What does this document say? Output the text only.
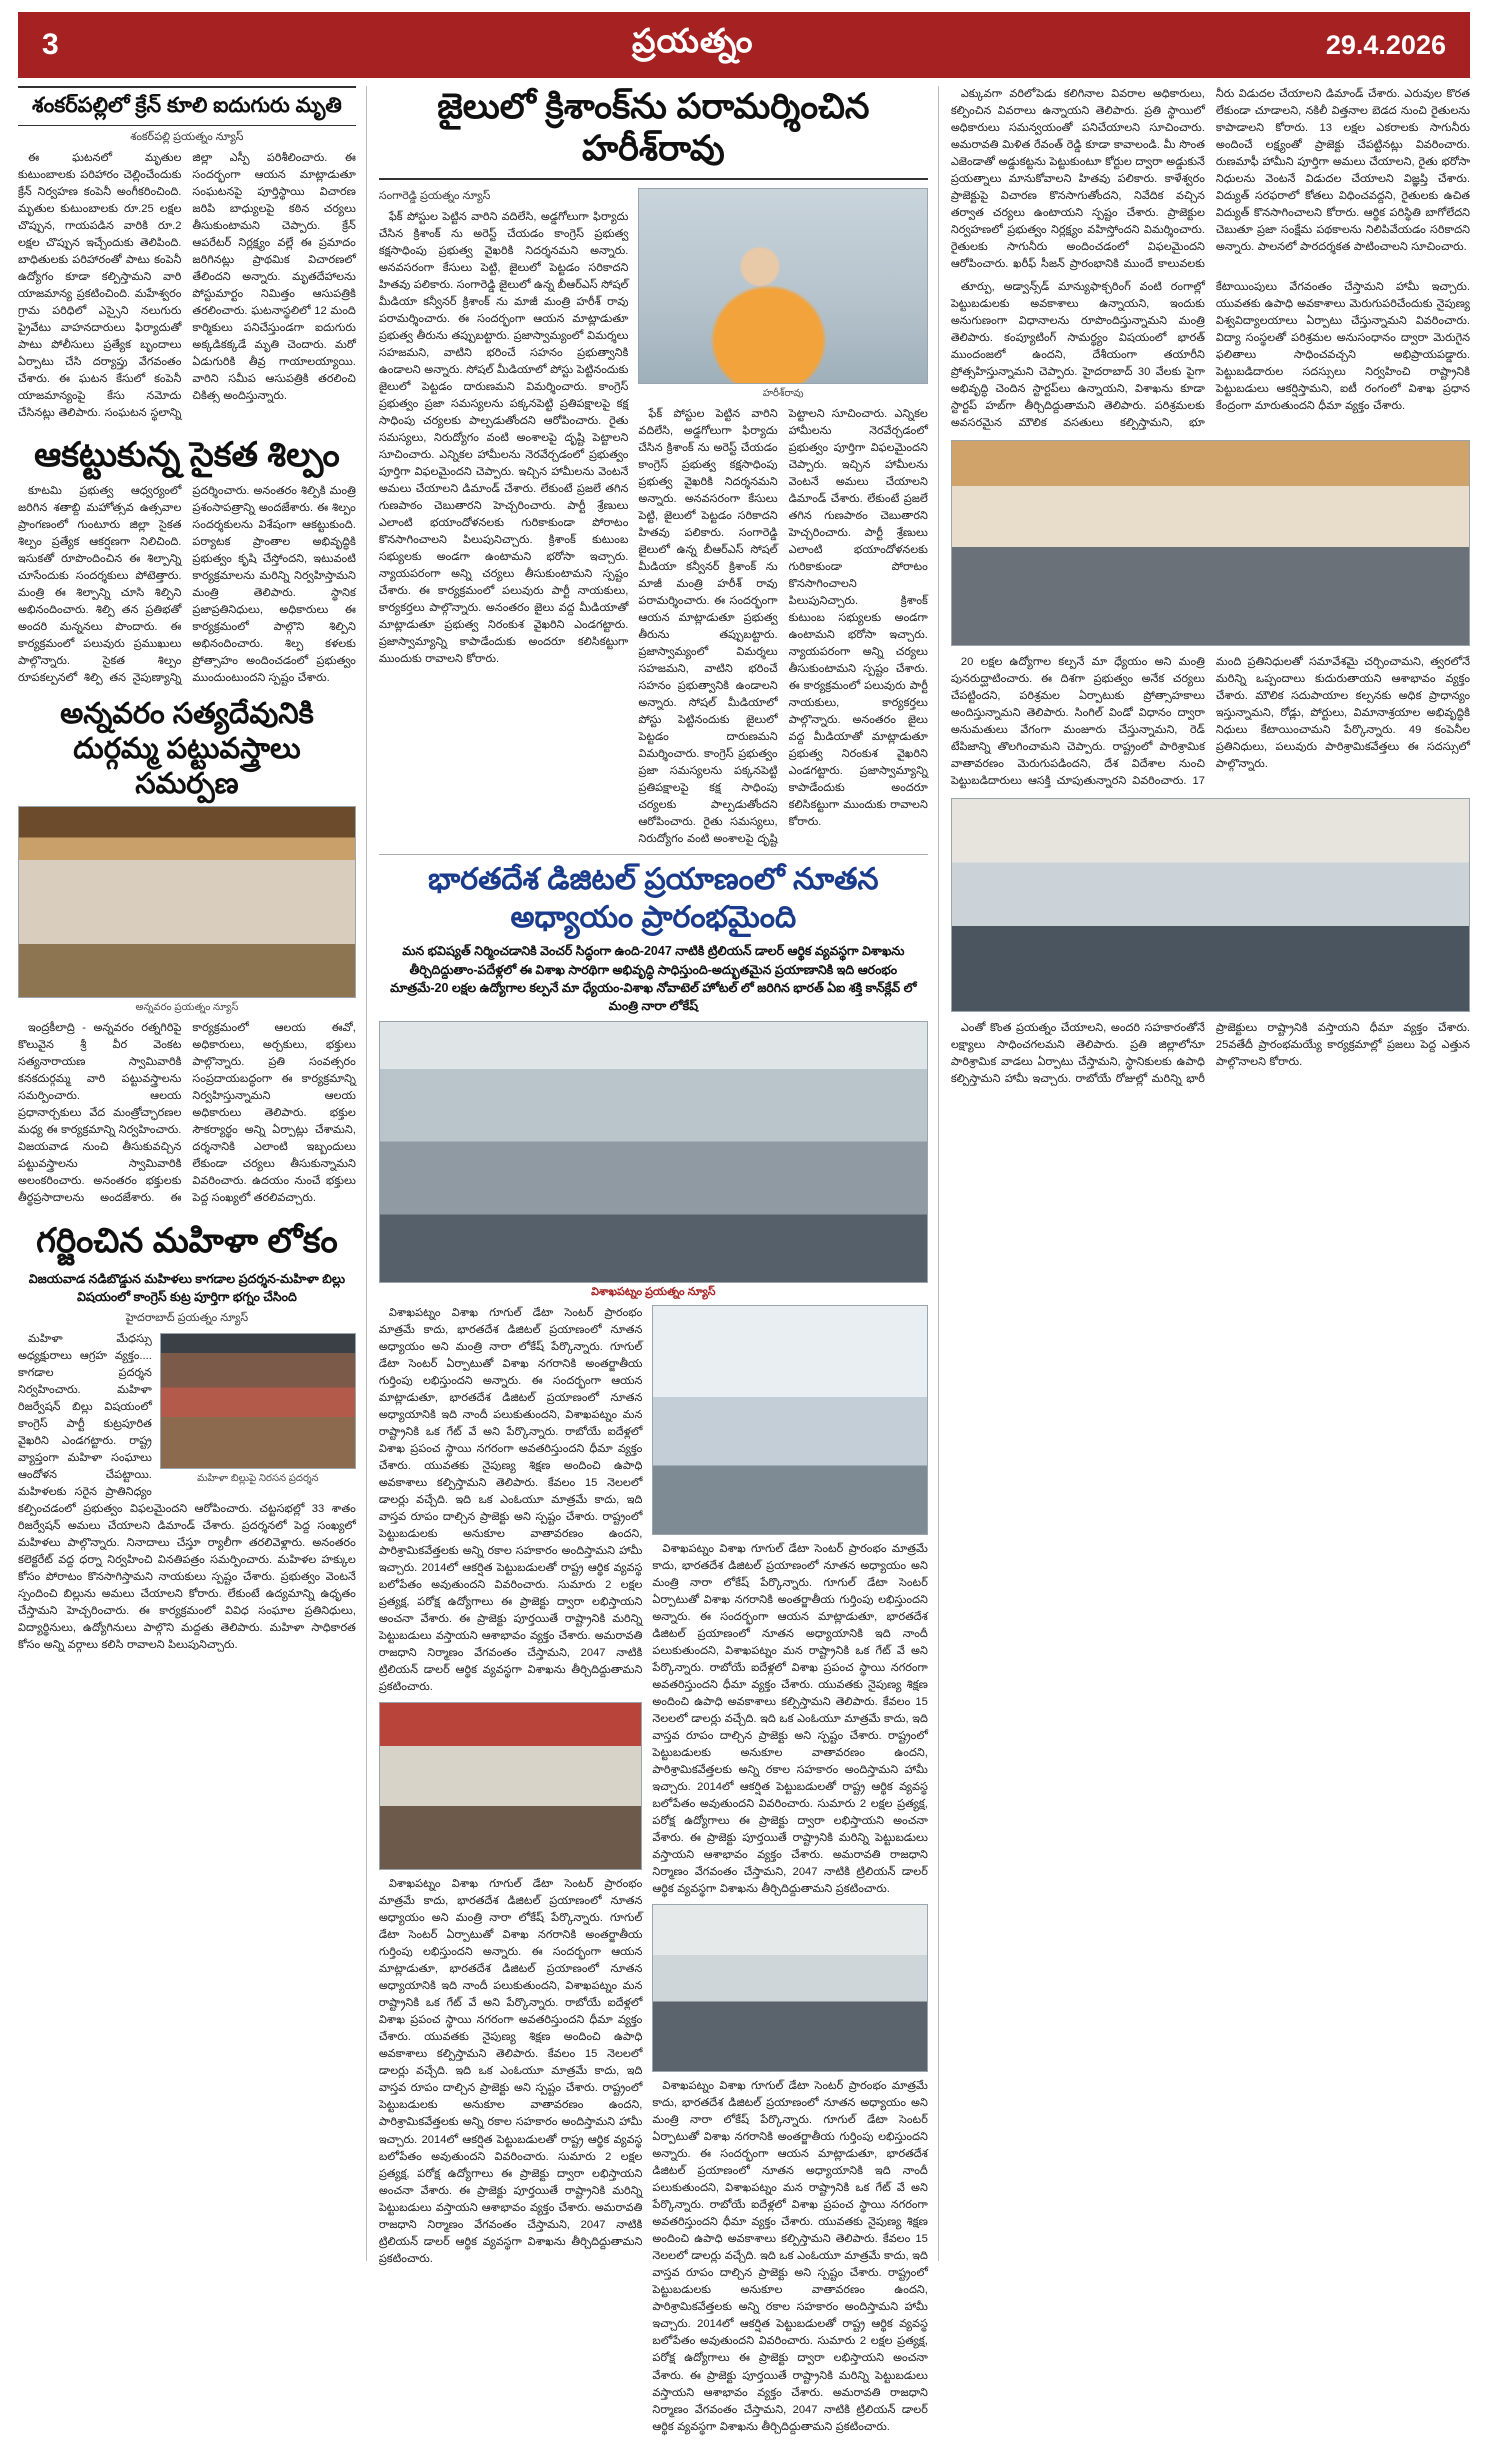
3	ప్రయత్నం	29.4.2026
శంకర్‌పల్లిలో క్రేన్ కూలి ఐదుగురు మృతి
శంకర్‌పల్లి ప్రయత్నం న్యూస్

ఈ ఘటనలో మృతుల కుటుంబాలకు పరిహారం చెల్లించేందుకు క్రేన్ నిర్వహణ కంపెనీ అంగీకరించింది. మృతుల కుటుంబాలకు రూ.25 లక్షల చొప్పున, గాయపడిన వారికి రూ.2 లక్షల చొప్పున ఇచ్చేందుకు తెలిపింది. బాధితులకు పరిహారంతో పాటు కంపెనీ ఉద్యోగం కూడా కల్పిస్తామని వారి యాజమాన్య ప్రకటించింది. మహేశ్వరం గ్రామ పరిధిలో ఎస్సైని నలుగురు ప్రైవేటు వాహనదారులు ఫిర్యాదుతో పాటు పోలీసులు ప్రత్యేక బృందాలు ఏర్పాటు చేసి దర్యాప్తు వేగవంతం చేశారు. ఈ ఘటన కేసులో కంపెనీ యాజమాన్యంపై కేసు నమోదు చేసినట్లు తెలిపారు. సంఘటన స్థలాన్ని జిల్లా ఎస్పీ పరిశీలించారు. ఈ సందర్భంగా ఆయన మాట్లాడుతూ సంఘటనపై పూర్తిస్థాయి విచారణ జరిపి బాధ్యులపై కఠిన చర్యలు తీసుకుంటామని చెప్పారు. క్రేన్ ఆపరేటర్ నిర్లక్ష్యం వల్లే ఈ ప్రమాదం జరిగినట్లు ప్రాథమిక విచారణలో తేలిందని అన్నారు. మృతదేహాలను పోస్టుమార్టం నిమిత్తం ఆసుపత్రికి తరలించారు. ఘటనాస్థలిలో 12 మంది కార్మికులు పనిచేస్తుండగా ఐదుగురు అక్కడికక్కడే మృతి చెందారు. మరో ఏడుగురికి తీవ్ర గాయాలయ్యాయి. వారిని సమీప ఆసుపత్రికి తరలించి చికిత్స అందిస్తున్నారు.

ఆకట్టుకున్న సైకత శిల్పం

కూటమి ప్రభుత్వ ఆధ్వర్యంలో జరిగిన శతాబ్ది మహోత్సవ ఉత్సవాల ప్రాంగణంలో గుంటూరు జిల్లా సైకత శిల్పం ప్రత్యేక ఆకర్షణగా నిలిచింది. ఇసుకతో రూపొందించిన ఈ శిల్పాన్ని చూసేందుకు సందర్శకులు పోటెత్తారు. మంత్రి ఈ శిల్పాన్ని చూసి శిల్పిని అభినందించారు. శిల్పి తన ప్రతిభతో అందరి మన్ననలు పొందారు. ఈ కార్యక్రమంలో పలువురు ప్రముఖులు పాల్గొన్నారు. సైకత శిల్పం రూపకల్పనలో శిల్పి తన నైపుణ్యాన్ని ప్రదర్శించారు. అనంతరం శిల్పికి మంత్రి ప్రశంసాపత్రాన్ని అందజేశారు. ఈ శిల్పం సందర్శకులను విశేషంగా ఆకట్టుకుంది. పర్యాటక ప్రాంతాల అభివృద్ధికి ప్రభుత్వం కృషి చేస్తోందని, ఇటువంటి కార్యక్రమాలను మరిన్ని నిర్వహిస్తామని మంత్రి తెలిపారు. స్థానిక ప్రజాప్రతినిధులు, అధికారులు ఈ కార్యక్రమంలో పాల్గొని శిల్పిని అభినందించారు. శిల్ప కళలకు ప్రోత్సాహం అందించడంలో ప్రభుత్వం ముందుంటుందని స్పష్టం చేశారు.

అన్నవరం సత్యదేవునికి దుర్గమ్మ పట్టువస్త్రాలు సమర్పణ
అన్నవరం ప్రయత్నం న్యూస్

ఇంద్రకీలాద్రి - అన్నవరం రత్నగిరిపై కొలువైన శ్రీ వీర వెంకట సత్యనారాయణ స్వామివారికి కనకదుర్గమ్మ వారి పట్టువస్త్రాలను సమర్పించారు. ఆలయ ప్రధానార్చకులు వేద మంత్రోచ్ఛారణల మధ్య ఈ కార్యక్రమాన్ని నిర్వహించారు. విజయవాడ నుంచి తీసుకువచ్చిన పట్టువస్త్రాలను స్వామివారికి అలంకరించారు. అనంతరం భక్తులకు తీర్థప్రసాదాలను అందజేశారు. ఈ కార్యక్రమంలో ఆలయ ఈవో, అధికారులు, అర్చకులు, భక్తులు పాల్గొన్నారు. ప్రతి సంవత్సరం సంప్రదాయబద్ధంగా ఈ కార్యక్రమాన్ని నిర్వహిస్తున్నామని ఆలయ అధికారులు తెలిపారు. భక్తుల సౌకర్యార్థం అన్ని ఏర్పాట్లు చేశామని, దర్శనానికి ఎలాంటి ఇబ్బందులు లేకుండా చర్యలు తీసుకున్నామని వివరించారు. ఉదయం నుంచే భక్తులు పెద్ద సంఖ్యలో తరలివచ్చారు.

గర్జించిన మహిళా లోకం
విజయవాడ నడిబొడ్డున మహిళలు కాగడాల ప్రదర్శన-మహిళా బిల్లు విషయంలో కాంగ్రెస్ కుట్ర పూర్తిగా భగ్నం చేసింది
హైదరాబాద్ ప్రయత్నం న్యూస్
మహిళా బిల్లుపై నిరసన ప్రదర్శన

మహిళా మేధస్సు అధ్యక్షురాలు ఆగ్రహ వ్యక్తం.... కాగడాల ప్రదర్శన నిర్వహించారు. మహిళా రిజర్వేషన్ బిల్లు విషయంలో కాంగ్రెస్ పార్టీ కుట్రపూరిత వైఖరిని ఎండగట్టారు. రాష్ట్ర వ్యాప్తంగా మహిళా సంఘాలు ఆందోళన చేపట్టాయి. మహిళలకు సరైన ప్రాతినిధ్యం కల్పించడంలో ప్రభుత్వం విఫలమైందని ఆరోపించారు. చట్టసభల్లో 33 శాతం రిజర్వేషన్ అమలు చేయాలని డిమాండ్ చేశారు. ప్రదర్శనలో పెద్ద సంఖ్యలో మహిళలు పాల్గొన్నారు. నినాదాలు చేస్తూ ర్యాలీగా తరలివెళ్లారు. అనంతరం కలెక్టరేట్ వద్ద ధర్నా నిర్వహించి వినతిపత్రం సమర్పించారు. మహిళల హక్కుల కోసం పోరాటం కొనసాగిస్తామని నాయకులు స్పష్టం చేశారు. ప్రభుత్వం వెంటనే స్పందించి బిల్లును అమలు చేయాలని కోరారు. లేకుంటే ఉద్యమాన్ని ఉధృతం చేస్తామని హెచ్చరించారు. ఈ కార్యక్రమంలో వివిధ సంఘాల ప్రతినిధులు, విద్యార్థినులు, ఉద్యోగినులు పాల్గొని మద్దతు తెలిపారు. మహిళా సాధికారత కోసం అన్ని వర్గాలు కలిసి రావాలని పిలుపునిచ్చారు.

జైలులో క్రిశాంక్‌ను పరామర్శించిన హరీశ్‌రావు
సంగారెడ్డి ప్రయత్నం న్యూస్

ఫేక్ పోస్టుల పెట్టిన వారిని వదిలేసి, అడ్డగోలుగా ఫిర్యాదు చేసిన క్రిశాంక్ ను అరెస్ట్ చేయడం కాంగ్రెస్ ప్రభుత్వ కక్షసాధింపు ప్రభుత్వ వైఖరికి నిదర్శనమని అన్నారు. అనవసరంగా కేసులు పెట్టి, జైలులో పెట్టడం సరికాదని హితవు పలికారు. సంగారెడ్డి జైలులో ఉన్న బీఆర్ఎస్ సోషల్ మీడియా కన్వీనర్ క్రిశాంక్ ను మాజీ మంత్రి హరీశ్ రావు పరామర్శించారు. ఈ సందర్భంగా ఆయన మాట్లాడుతూ ప్రభుత్వ తీరును తప్పుబట్టారు. ప్రజాస్వామ్యంలో విమర్శలు సహజమని, వాటిని భరించే సహనం ప్రభుత్వానికి ఉండాలని అన్నారు. సోషల్ మీడియాలో పోస్టు పెట్టినందుకు జైలులో పెట్టడం దారుణమని విమర్శించారు. కాంగ్రెస్ ప్రభుత్వం ప్రజా సమస్యలను పక్కనపెట్టి ప్రతిపక్షాలపై కక్ష సాధింపు చర్యలకు పాల్పడుతోందని ఆరోపించారు. రైతు సమస్యలు, నిరుద్యోగం వంటి అంశాలపై దృష్టి పెట్టాలని సూచించారు. ఎన్నికల హామీలను నెరవేర్చడంలో ప్రభుత్వం పూర్తిగా విఫలమైందని చెప్పారు. ఇచ్చిన హామీలను వెంటనే అమలు చేయాలని డిమాండ్ చేశారు. లేకుంటే ప్రజలే తగిన గుణపాఠం చెబుతారని హెచ్చరించారు. పార్టీ శ్రేణులు ఎలాంటి భయాందోళనలకు గురికాకుండా పోరాటం కొనసాగించాలని పిలుపునిచ్చారు. క్రిశాంక్ కుటుంబ సభ్యులకు అండగా ఉంటామని భరోసా ఇచ్చారు. న్యాయపరంగా అన్ని చర్యలు తీసుకుంటామని స్పష్టం చేశారు. ఈ కార్యక్రమంలో పలువురు పార్టీ నాయకులు, కార్యకర్తలు పాల్గొన్నారు. అనంతరం జైలు వద్ద మీడియాతో మాట్లాడుతూ ప్రభుత్వ నిరంకుశ వైఖరిని ఎండగట్టారు. ప్రజాస్వామ్యాన్ని కాపాడేందుకు అందరూ కలిసికట్టుగా ముందుకు రావాలని కోరారు.

హరీశ్‌రావు

ఫేక్ పోస్టుల పెట్టిన వారిని వదిలేసి, అడ్డగోలుగా ఫిర్యాదు చేసిన క్రిశాంక్ ను అరెస్ట్ చేయడం కాంగ్రెస్ ప్రభుత్వ కక్షసాధింపు ప్రభుత్వ వైఖరికి నిదర్శనమని అన్నారు. అనవసరంగా కేసులు పెట్టి, జైలులో పెట్టడం సరికాదని హితవు పలికారు. సంగారెడ్డి జైలులో ఉన్న బీఆర్ఎస్ సోషల్ మీడియా కన్వీనర్ క్రిశాంక్ ను మాజీ మంత్రి హరీశ్ రావు పరామర్శించారు. ఈ సందర్భంగా ఆయన మాట్లాడుతూ ప్రభుత్వ తీరును తప్పుబట్టారు. ప్రజాస్వామ్యంలో విమర్శలు సహజమని, వాటిని భరించే సహనం ప్రభుత్వానికి ఉండాలని అన్నారు. సోషల్ మీడియాలో పోస్టు పెట్టినందుకు జైలులో పెట్టడం దారుణమని విమర్శించారు. కాంగ్రెస్ ప్రభుత్వం ప్రజా సమస్యలను పక్కనపెట్టి ప్రతిపక్షాలపై కక్ష సాధింపు చర్యలకు పాల్పడుతోందని ఆరోపించారు. రైతు సమస్యలు, నిరుద్యోగం వంటి అంశాలపై దృష్టి పెట్టాలని సూచించారు. ఎన్నికల హామీలను నెరవేర్చడంలో ప్రభుత్వం పూర్తిగా విఫలమైందని చెప్పారు. ఇచ్చిన హామీలను వెంటనే అమలు చేయాలని డిమాండ్ చేశారు. లేకుంటే ప్రజలే తగిన గుణపాఠం చెబుతారని హెచ్చరించారు. పార్టీ శ్రేణులు ఎలాంటి భయాందోళనలకు గురికాకుండా పోరాటం కొనసాగించాలని పిలుపునిచ్చారు. క్రిశాంక్ కుటుంబ సభ్యులకు అండగా ఉంటామని భరోసా ఇచ్చారు. న్యాయపరంగా అన్ని చర్యలు తీసుకుంటామని స్పష్టం చేశారు. ఈ కార్యక్రమంలో పలువురు పార్టీ నాయకులు, కార్యకర్తలు పాల్గొన్నారు. అనంతరం జైలు వద్ద మీడియాతో మాట్లాడుతూ ప్రభుత్వ నిరంకుశ వైఖరిని ఎండగట్టారు. ప్రజాస్వామ్యాన్ని కాపాడేందుకు అందరూ కలిసికట్టుగా ముందుకు రావాలని కోరారు.

భారతదేశ డిజిటల్ ప్రయాణంలో నూతన అధ్యాయం ప్రారంభమైంది
మన భవిష్యత్ నిర్మించడానికి వెంచర్ సిద్ధంగా ఉంది-2047 నాటికి ట్రిలియన్ డాలర్ ఆర్థిక వ్యవస్థగా విశాఖను తీర్చిదిద్దుతాం-పదేళ్లలో ఈ విశాఖ సారథిగా అభివృద్ధి సాధిస్తుంది-అద్భుతమైన ప్రయాణానికి ఇది ఆరంభం మాత్రమే-20 లక్షల ఉద్యోగాల కల్పనే మా ధ్యేయం-విశాఖ నోవాటెల్ హోటల్ లో జరిగిన భారత్ ఏఐ శక్తి కాన్‌క్లేవ్ లో మంత్రి నారా లోకేష్
విశాఖపట్నం ప్రయత్నం న్యూస్

విశాఖపట్నం విశాఖ గూగుల్ డేటా సెంటర్ ప్రారంభం మాత్రమే కాదు, భారతదేశ డిజిటల్ ప్రయాణంలో నూతన అధ్యాయం అని మంత్రి నారా లోకేష్ పేర్కొన్నారు. గూగుల్ డేటా సెంటర్ ఏర్పాటుతో విశాఖ నగరానికి అంతర్జాతీయ గుర్తింపు లభిస్తుందని అన్నారు. ఈ సందర్భంగా ఆయన మాట్లాడుతూ, భారతదేశ డిజిటల్ ప్రయాణంలో నూతన అధ్యాయానికి ఇది నాందీ పలుకుతుందని, విశాఖపట్నం మన రాష్ట్రానికి ఒక గేట్ వే అని పేర్కొన్నారు. రాబోయే ఐదేళ్లలో విశాఖ ప్రపంచ స్థాయి నగరంగా అవతరిస్తుందని ధీమా వ్యక్తం చేశారు. యువతకు నైపుణ్య శిక్షణ అందించి ఉపాధి అవకాశాలు కల్పిస్తామని తెలిపారు. కేవలం 15 నెలలలో డాలర్లు వచ్చేది. ఇది ఒక ఎంఓయూ మాత్రమే కాదు, ఇది వాస్తవ రూపం దాల్చిన ప్రాజెక్టు అని స్పష్టం చేశారు. రాష్ట్రంలో పెట్టుబడులకు అనుకూల వాతావరణం ఉందని, పారిశ్రామికవేత్తలకు అన్ని రకాల సహకారం అందిస్తామని హామీ ఇచ్చారు. 2014లో ఆకర్షిత పెట్టుబడులతో రాష్ట్ర ఆర్థిక వ్యవస్థ బలోపేతం అవుతుందని వివరించారు. సుమారు 2 లక్షల ప్రత్యక్ష, పరోక్ష ఉద్యోగాలు ఈ ప్రాజెక్టు ద్వారా లభిస్తాయని అంచనా వేశారు. ఈ ప్రాజెక్టు పూర్తయితే రాష్ట్రానికి మరిన్ని పెట్టుబడులు వస్తాయని ఆశాభావం వ్యక్తం చేశారు. అమరావతి రాజధాని నిర్మాణం వేగవంతం చేస్తామని, 2047 నాటికి ట్రిలియన్ డాలర్ ఆర్థిక వ్యవస్థగా విశాఖను తీర్చిదిద్దుతామని ప్రకటించారు.

విశాఖపట్నం విశాఖ గూగుల్ డేటా సెంటర్ ప్రారంభం మాత్రమే కాదు, భారతదేశ డిజిటల్ ప్రయాణంలో నూతన అధ్యాయం అని మంత్రి నారా లోకేష్ పేర్కొన్నారు. గూగుల్ డేటా సెంటర్ ఏర్పాటుతో విశాఖ నగరానికి అంతర్జాతీయ గుర్తింపు లభిస్తుందని అన్నారు. ఈ సందర్భంగా ఆయన మాట్లాడుతూ, భారతదేశ డిజిటల్ ప్రయాణంలో నూతన అధ్యాయానికి ఇది నాందీ పలుకుతుందని, విశాఖపట్నం మన రాష్ట్రానికి ఒక గేట్ వే అని పేర్కొన్నారు. రాబోయే ఐదేళ్లలో విశాఖ ప్రపంచ స్థాయి నగరంగా అవతరిస్తుందని ధీమా వ్యక్తం చేశారు. యువతకు నైపుణ్య శిక్షణ అందించి ఉపాధి అవకాశాలు కల్పిస్తామని తెలిపారు. కేవలం 15 నెలలలో డాలర్లు వచ్చేది. ఇది ఒక ఎంఓయూ మాత్రమే కాదు, ఇది వాస్తవ రూపం దాల్చిన ప్రాజెక్టు అని స్పష్టం చేశారు. రాష్ట్రంలో పెట్టుబడులకు అనుకూల వాతావరణం ఉందని, పారిశ్రామికవేత్తలకు అన్ని రకాల సహకారం అందిస్తామని హామీ ఇచ్చారు. 2014లో ఆకర్షిత పెట్టుబడులతో రాష్ట్ర ఆర్థిక వ్యవస్థ బలోపేతం అవుతుందని వివరించారు. సుమారు 2 లక్షల ప్రత్యక్ష, పరోక్ష ఉద్యోగాలు ఈ ప్రాజెక్టు ద్వారా లభిస్తాయని అంచనా వేశారు. ఈ ప్రాజెక్టు పూర్తయితే రాష్ట్రానికి మరిన్ని పెట్టుబడులు వస్తాయని ఆశాభావం వ్యక్తం చేశారు. అమరావతి రాజధాని నిర్మాణం వేగవంతం చేస్తామని, 2047 నాటికి ట్రిలియన్ డాలర్ ఆర్థిక వ్యవస్థగా విశాఖను తీర్చిదిద్దుతామని ప్రకటించారు.

విశాఖపట్నం విశాఖ గూగుల్ డేటా సెంటర్ ప్రారంభం మాత్రమే కాదు, భారతదేశ డిజిటల్ ప్రయాణంలో నూతన అధ్యాయం అని మంత్రి నారా లోకేష్ పేర్కొన్నారు. గూగుల్ డేటా సెంటర్ ఏర్పాటుతో విశాఖ నగరానికి అంతర్జాతీయ గుర్తింపు లభిస్తుందని అన్నారు. ఈ సందర్భంగా ఆయన మాట్లాడుతూ, భారతదేశ డిజిటల్ ప్రయాణంలో నూతన అధ్యాయానికి ఇది నాందీ పలుకుతుందని, విశాఖపట్నం మన రాష్ట్రానికి ఒక గేట్ వే అని పేర్కొన్నారు. రాబోయే ఐదేళ్లలో విశాఖ ప్రపంచ స్థాయి నగరంగా అవతరిస్తుందని ధీమా వ్యక్తం చేశారు. యువతకు నైపుణ్య శిక్షణ అందించి ఉపాధి అవకాశాలు కల్పిస్తామని తెలిపారు. కేవలం 15 నెలలలో డాలర్లు వచ్చేది. ఇది ఒక ఎంఓయూ మాత్రమే కాదు, ఇది వాస్తవ రూపం దాల్చిన ప్రాజెక్టు అని స్పష్టం చేశారు. రాష్ట్రంలో పెట్టుబడులకు అనుకూల వాతావరణం ఉందని, పారిశ్రామికవేత్తలకు అన్ని రకాల సహకారం అందిస్తామని హామీ ఇచ్చారు. 2014లో ఆకర్షిత పెట్టుబడులతో రాష్ట్ర ఆర్థిక వ్యవస్థ బలోపేతం అవుతుందని వివరించారు. సుమారు 2 లక్షల ప్రత్యక్ష, పరోక్ష ఉద్యోగాలు ఈ ప్రాజెక్టు ద్వారా లభిస్తాయని అంచనా వేశారు. ఈ ప్రాజెక్టు పూర్తయితే రాష్ట్రానికి మరిన్ని పెట్టుబడులు వస్తాయని ఆశాభావం వ్యక్తం చేశారు. అమరావతి రాజధాని నిర్మాణం వేగవంతం చేస్తామని, 2047 నాటికి ట్రిలియన్ డాలర్ ఆర్థిక వ్యవస్థగా విశాఖను తీర్చిదిద్దుతామని ప్రకటించారు.

విశాఖపట్నం విశాఖ గూగుల్ డేటా సెంటర్ ప్రారంభం మాత్రమే కాదు, భారతదేశ డిజిటల్ ప్రయాణంలో నూతన అధ్యాయం అని మంత్రి నారా లోకేష్ పేర్కొన్నారు. గూగుల్ డేటా సెంటర్ ఏర్పాటుతో విశాఖ నగరానికి అంతర్జాతీయ గుర్తింపు లభిస్తుందని అన్నారు. ఈ సందర్భంగా ఆయన మాట్లాడుతూ, భారతదేశ డిజిటల్ ప్రయాణంలో నూతన అధ్యాయానికి ఇది నాందీ పలుకుతుందని, విశాఖపట్నం మన రాష్ట్రానికి ఒక గేట్ వే అని పేర్కొన్నారు. రాబోయే ఐదేళ్లలో విశాఖ ప్రపంచ స్థాయి నగరంగా అవతరిస్తుందని ధీమా వ్యక్తం చేశారు. యువతకు నైపుణ్య శిక్షణ అందించి ఉపాధి అవకాశాలు కల్పిస్తామని తెలిపారు. కేవలం 15 నెలలలో డాలర్లు వచ్చేది. ఇది ఒక ఎంఓయూ మాత్రమే కాదు, ఇది వాస్తవ రూపం దాల్చిన ప్రాజెక్టు అని స్పష్టం చేశారు. రాష్ట్రంలో పెట్టుబడులకు అనుకూల వాతావరణం ఉందని, పారిశ్రామికవేత్తలకు అన్ని రకాల సహకారం అందిస్తామని హామీ ఇచ్చారు. 2014లో ఆకర్షిత పెట్టుబడులతో రాష్ట్ర ఆర్థిక వ్యవస్థ బలోపేతం అవుతుందని వివరించారు. సుమారు 2 లక్షల ప్రత్యక్ష, పరోక్ష ఉద్యోగాలు ఈ ప్రాజెక్టు ద్వారా లభిస్తాయని అంచనా వేశారు. ఈ ప్రాజెక్టు పూర్తయితే రాష్ట్రానికి మరిన్ని పెట్టుబడులు వస్తాయని ఆశాభావం వ్యక్తం చేశారు. అమరావతి రాజధాని నిర్మాణం వేగవంతం చేస్తామని, 2047 నాటికి ట్రిలియన్ డాలర్ ఆర్థిక వ్యవస్థగా విశాఖను తీర్చిదిద్దుతామని ప్రకటించారు.

ఎక్కువగా వరిలోపెడు కలిగినాల వివరాల అధికారులు, కల్పించిన వివరాలు ఉన్నాయని తెలిపారు. ప్రతి స్థాయిలో అధికారులు సమన్వయంతో పనిచేయాలని సూచించారు. అమరావతి మిళిత రేవంత్ రెడ్డి కూడా కావాలండి. మీ సొంత ఎజెండాతో అడ్డుకట్టను పెట్టుకుంటూ కోర్టుల ద్వారా అడ్డుకునే ప్రయత్నాలు మానుకోవాలని హితవు పలికారు. కాళేశ్వరం ప్రాజెక్టుపై విచారణ కొనసాగుతోందని, నివేదిక వచ్చిన తర్వాత చర్యలు ఉంటాయని స్పష్టం చేశారు. ప్రాజెక్టుల నిర్వహణలో ప్రభుత్వం నిర్లక్ష్యం వహిస్తోందని విమర్శించారు. రైతులకు సాగునీరు అందించడంలో విఫలమైందని ఆరోపించారు. ఖరీఫ్ సీజన్ ప్రారంభానికి ముందే కాలువలకు నీరు విడుదల చేయాలని డిమాండ్ చేశారు. ఎరువుల కొరత లేకుండా చూడాలని, నకిలీ విత్తనాల బెడద నుంచి రైతులను కాపాడాలని కోరారు. 13 లక్షల ఎకరాలకు సాగునీరు అందించే లక్ష్యంతో ప్రాజెక్టు చేపట్టినట్లు వివరించారు. రుణమాఫీ హామీని పూర్తిగా అమలు చేయాలని, రైతు భరోసా నిధులను వెంటనే విడుదల చేయాలని విజ్ఞప్తి చేశారు. విద్యుత్ సరఫరాలో కోతలు విధించవద్దని, రైతులకు ఉచిత విద్యుత్ కొనసాగించాలని కోరారు. ఆర్థిక పరిస్థితి బాగోలేదని చెబుతూ ప్రజా సంక్షేమ పథకాలను నిలిపివేయడం సరికాదని అన్నారు. పాలనలో పారదర్శకత పాటించాలని సూచించారు.

తూర్పు, అడ్వాన్స్‌డ్ మాన్యుఫాక్చరింగ్ వంటి రంగాల్లో పెట్టుబడులకు అవకాశాలు ఉన్నాయని, ఇందుకు అనుగుణంగా విధానాలను రూపొందిస్తున్నామని మంత్రి తెలిపారు. కంప్యూటింగ్ సామర్థ్యం విషయంలో భారత్ ముందంజలో ఉందని, దేశీయంగా తయారీని ప్రోత్సహిస్తున్నామని చెప్పారు. హైదరాబాద్ 30 వేలకు పైగా అభివృద్ధి చెందిన స్టార్టప్‌లు ఉన్నాయని, విశాఖను కూడా స్టార్టప్ హబ్‌గా తీర్చిదిద్దుతామని తెలిపారు. పరిశ్రమలకు అవసరమైన మౌలిక వసతులు కల్పిస్తామని, భూ కేటాయింపులు వేగవంతం చేస్తామని హామీ ఇచ్చారు. యువతకు ఉపాధి అవకాశాలు మెరుగుపరిచేందుకు నైపుణ్య విశ్వవిద్యాలయాలు ఏర్పాటు చేస్తున్నామని వివరించారు. విద్యా సంస్థలతో పరిశ్రమల అనుసంధానం ద్వారా మెరుగైన ఫలితాలు సాధించవచ్చని అభిప్రాయపడ్డారు. పెట్టుబడిదారుల సదస్సులు నిర్వహించి రాష్ట్రానికి పెట్టుబడులు ఆకర్షిస్తామని, ఐటీ రంగంలో విశాఖ ప్రధాన కేంద్రంగా మారుతుందని ధీమా వ్యక్తం చేశారు.

20 లక్షల ఉద్యోగాల కల్పనే మా ధ్యేయం అని మంత్రి పునరుద్ఘాటించారు. ఈ దిశగా ప్రభుత్వం అనేక చర్యలు చేపట్టిందని, పరిశ్రమల ఏర్పాటుకు ప్రోత్సాహకాలు అందిస్తున్నామని తెలిపారు. సింగిల్ విండో విధానం ద్వారా అనుమతులు వేగంగా మంజూరు చేస్తున్నామని, రెడ్ టేపిజాన్ని తొలగించామని చెప్పారు. రాష్ట్రంలో పారిశ్రామిక వాతావరణం మెరుగుపడిందని, దేశ విదేశాల నుంచి పెట్టుబడిదారులు ఆసక్తి చూపుతున్నారని వివరించారు. 17 మంది ప్రతినిధులతో సమావేశమై చర్చించామని, త్వరలోనే మరిన్ని ఒప్పందాలు కుదురుతాయని ఆశాభావం వ్యక్తం చేశారు. మౌలిక సదుపాయాల కల్పనకు అధిక ప్రాధాన్యం ఇస్తున్నామని, రోడ్లు, పోర్టులు, విమానాశ్రయాల అభివృద్ధికి నిధులు కేటాయించామని పేర్కొన్నారు. 49 కంపెనీల ప్రతినిధులు, పలువురు పారిశ్రామికవేత్తలు ఈ సదస్సులో పాల్గొన్నారు.

ఎంతో కొంత ప్రయత్నం చేయాలని, అందరి సహకారంతోనే లక్ష్యాలు సాధించగలమని తెలిపారు. ప్రతి జిల్లాలోనూ పారిశ్రామిక వాడలు ఏర్పాటు చేస్తామని, స్థానికులకు ఉపాధి కల్పిస్తామని హామీ ఇచ్చారు. రాబోయే రోజుల్లో మరిన్ని భారీ ప్రాజెక్టులు రాష్ట్రానికి వస్తాయని ధీమా వ్యక్తం చేశారు. 25వతేదీ ప్రారంభమయ్యే కార్యక్రమాల్లో ప్రజలు పెద్ద ఎత్తున పాల్గొనాలని కోరారు.
